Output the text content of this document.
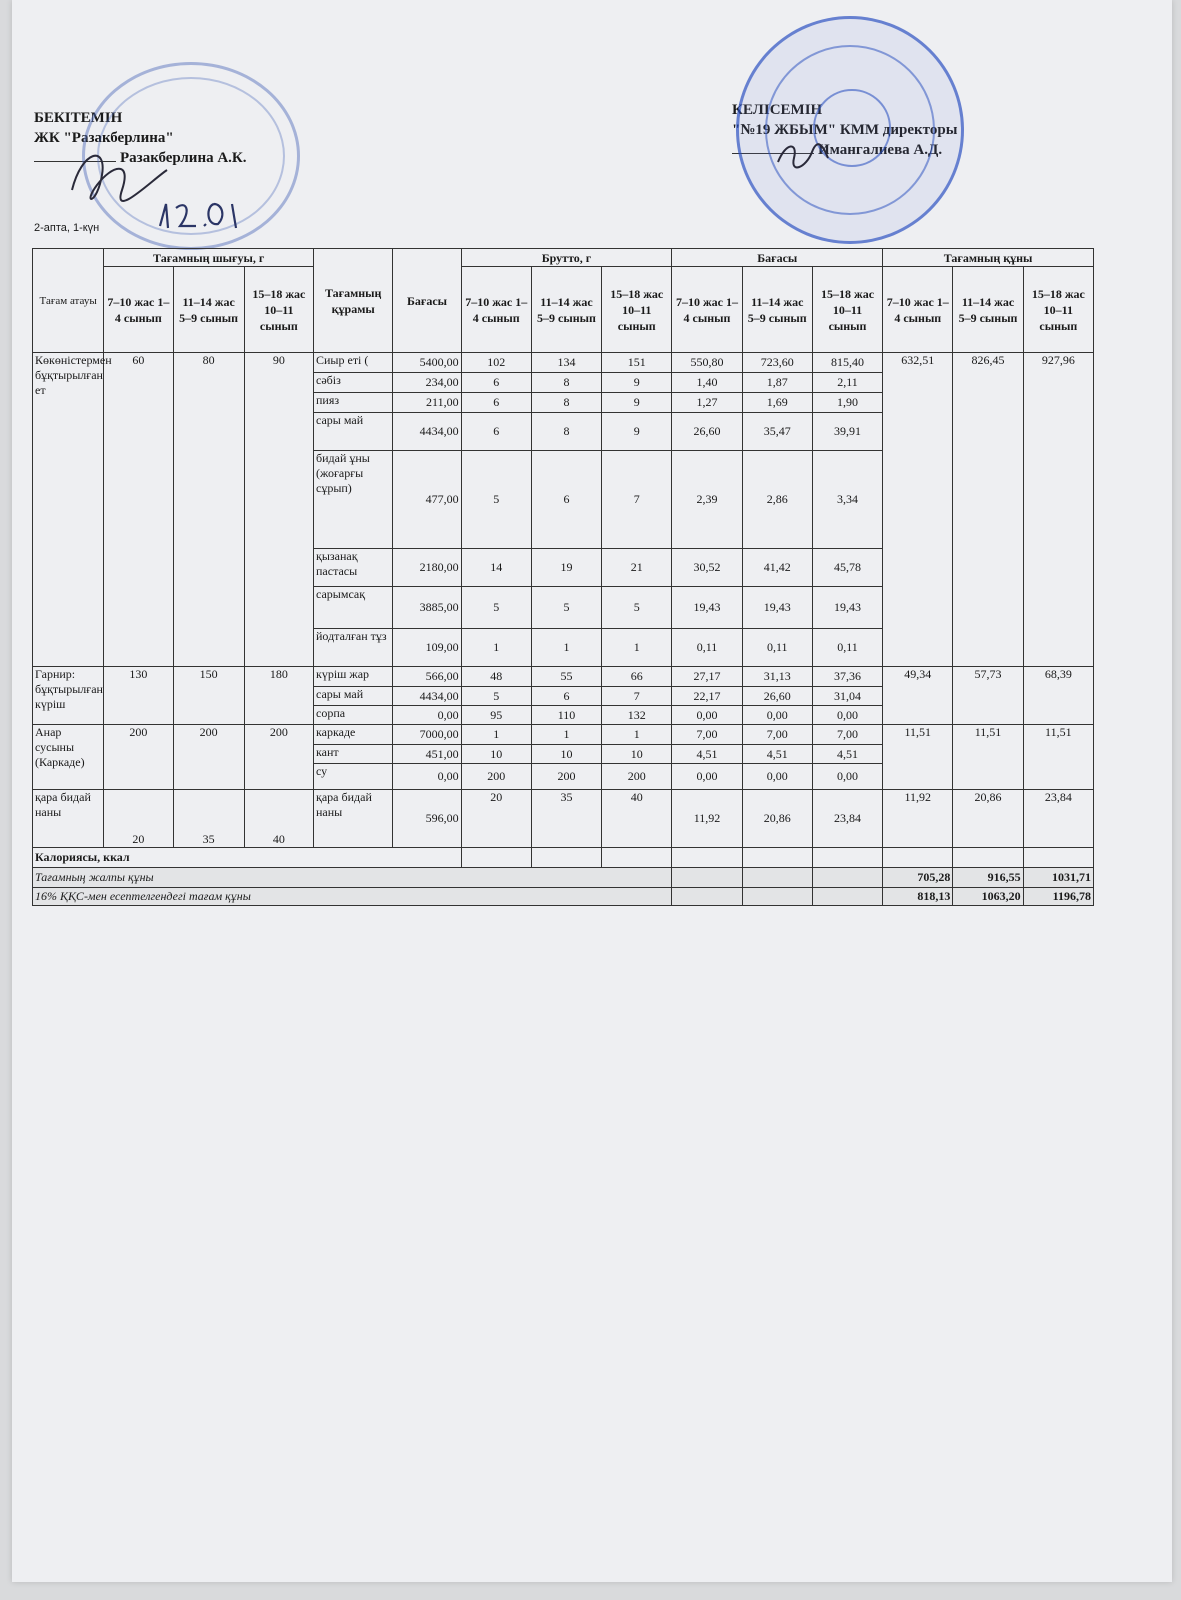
БЕКІТЕМІН
ЖК "Разакберлина"
Разакберлина А.К.
КЕЛІСЕМІН
"№19 ЖБЫМ" КММ директоры
Имангалиева А.Д.
2-апта, 1-күн
Тағам атауы	Тағамның шығуы, г			Тағамның құрамы	Бағасы	Брутто, г			Бағасы			Тағамның құны		
	7–10 жас 1–4 сынып	11–14 жас 5–9 сынып	15–18 жас 10–11 сынып			7–10 жас 1–4 сынып	11–14 жас 5–9 сынып	15–18 жас 10–11 сынып	7–10 жас 1–4 сынып	11–14 жас 5–9 сынып	15–18 жас 10–11 сынып	7–10 жас 1–4 сынып	11–14 жас 5–9 сынып	15–18 жас 10–11 сынып
Көкөністермен бұқтырылған ет	60	80	90	Сиыр еті (	5400,00	102	134	151	550,80	723,60	815,40	632,51	826,45	927,96
				сәбіз	234,00	6	8	9	1,40	1,87	2,11			
				пияз	211,00	6	8	9	1,27	1,69	1,90			
				сары май	4434,00	6	8	9	26,60	35,47	39,91			
				бидай ұны (жоғарғы сұрып)	477,00	5	6	7	2,39	2,86	3,34			
				қызанақ пастасы	2180,00	14	19	21	30,52	41,42	45,78			
				сарымсақ	3885,00	5	5	5	19,43	19,43	19,43			
				йодталған тұз	109,00	1	1	1	0,11	0,11	0,11			
Гарнир: бұқтырылған күріш	130	150	180	күріш жар	566,00	48	55	66	27,17	31,13	37,36	49,34	57,73	68,39
				сары май	4434,00	5	6	7	22,17	26,60	31,04			
				сорпа	0,00	95	110	132	0,00	0,00	0,00			
Анар сусыны (Каркаде)	200	200	200	каркаде	7000,00	1	1	1	7,00	7,00	7,00	11,51	11,51	11,51
				кант	451,00	10	10	10	4,51	4,51	4,51			
				су	0,00	200	200	200	0,00	0,00	0,00			
қара бидай наны	20	35	40	қара бидай наны	596,00	20	35	40	11,92	20,86	23,84	11,92	20,86	23,84
Калориясы, ккал														
Тағамның жалпы құны												705,28	916,55	1031,71
16% ҚҚС-мен есептелгендегі тағам құны												818,13	1063,20	1196,78
